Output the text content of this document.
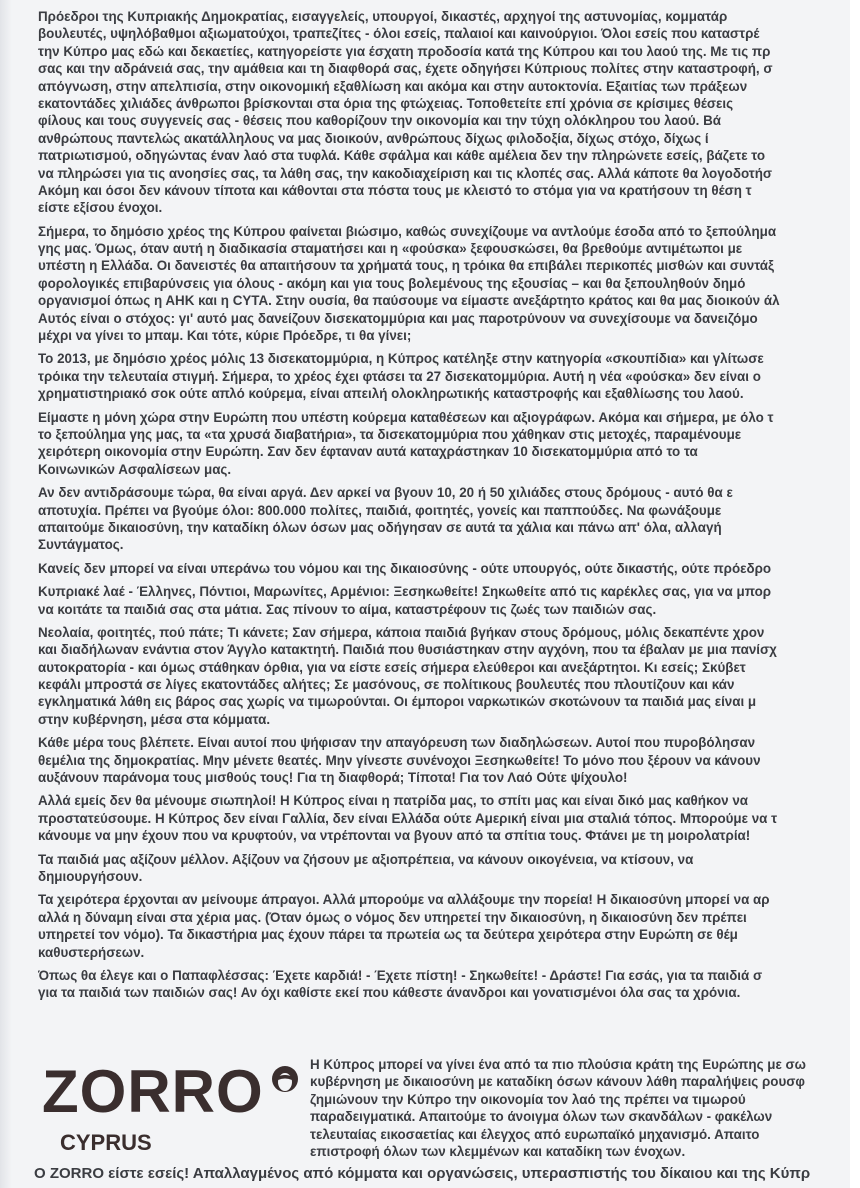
Πρόεδροι της Κυπριακής Δημοκρατίας, εισαγγελείς, υπουργοί, δικαστές, αρχηγοί της αστυνομίας, κομματάρ
βουλευτές, υψηλόβαθμοι αξιωματούχοι, τραπεζίτες - όλοι εσείς, παλαιοί και καινούργιοι. Όλοι εσείς που καταστρέ
την Κύπρο μας εδώ και δεκαετίες, κατηγορείστε για έσχατη προδοσία κατά της Κύπρου και του λαού της. Με τις πρ
σας και την αδράνειά σας, την αμάθεια και τη διαφθορά σας, έχετε οδηγήσει Κύπριους πολίτες στην καταστροφή, σ
απόγνωση, στην απελπισία, στην οικονομική εξαθλίωση και ακόμα και στην αυτοκτονία. Εξαιτίας των πράξεων
εκατοντάδες χιλιάδες άνθρωποι βρίσκονται στα όρια της φτώχειας. Τοποθετείτε επί χρόνια σε κρίσιμες θέσεις
φίλους και τους συγγενείς σας - θέσεις που καθορίζουν την οικονομία και την τύχη ολόκληρου του λαού. Βά
ανθρώπους παντελώς ακατάλληλους να μας διοικούν, ανθρώπους δίχως φιλοδοξία, δίχως στόχο, δίχως ί
πατριωτισμού, οδηγώντας έναν λαό στα τυφλά. Κάθε σφάλμα και κάθε αμέλεια δεν την πληρώνετε εσείς, βάζετε το
να πληρώσει για τις ανοησίες σας, τα λάθη σας, την κακοδιαχείριση και τις κλοπές σας. Αλλά κάποτε θα λογοδοτήσ
Ακόμη και όσοι δεν κάνουν τίποτα και κάθονται στα πόστα τους με κλειστό το στόμα για να κρατήσουν τη θέση τ
είστε εξίσου ένοχοι.
Σήμερα, το δημόσιο χρέος της Κύπρου φαίνεται βιώσιμο, καθώς συνεχίζουμε να αντλούμε έσοδα από το ξεπούλημα
γης μας. Όμως, όταν αυτή η διαδικασία σταματήσει και η «φούσκα» ξεφουσκώσει, θα βρεθούμε αντιμέτωποι με
υπέστη η Ελλάδα. Οι δανειστές θα απαιτήσουν τα χρήματά τους, η τρόικα θα επιβάλει περικοπές μισθών και συντάξ
φορολογικές επιβαρύνσεις για όλους - ακόμη και για τους βολεμένους της εξουσίας – και θα ξεπουληθούν δημό
οργανισμοί όπως η ΑΗΚ και η CYTA. Στην ουσία, θα παύσουμε να είμαστε ανεξάρτητο κράτος και θα μας διοικούν άλ
Αυτός είναι ο στόχος: γι' αυτό μας δανείζουν δισεκατομμύρια και μας παροτρύνουν να συνεχίσουμε να δανειζόμο
μέχρι να γίνει το μπαμ. Και τότε, κύριε Πρόεδρε, τι θα γίνει;
Το 2013, με δημόσιο χρέος μόλις 13 δισεκατομμύρια, η Κύπρος κατέληξε στην κατηγορία «σκουπίδια» και γλίτωσε
τρόικα την τελευταία στιγμή. Σήμερα, το χρέος έχει φτάσει τα 27 δισεκατομμύρια. Αυτή η νέα «φούσκα» δεν είναι ο
χρηματιστηριακό σοκ ούτε απλό κούρεμα, είναι απειλή ολοκληρωτικής καταστροφής και εξαθλίωσης του λαού.
Είμαστε η μόνη χώρα στην Ευρώπη που υπέστη κούρεμα καταθέσεων και αξιογράφων. Ακόμα και σήμερα, με όλο τ
το ξεπούλημα γης μας, τα «τα χρυσά διαβατήρια», τα δισεκατομμύρια που χάθηκαν στις μετοχές, παραμένουμε
χειρότερη οικονομία στην Ευρώπη. Σαν δεν έφταναν αυτά καταχράστηκαν 10 δισεκατομμύρια από το τα
Κοινωνικών Ασφαλίσεων μας.
Αν δεν αντιδράσουμε τώρα, θα είναι αργά. Δεν αρκεί να βγουν 10, 20 ή 50 χιλιάδες στους δρόμους - αυτό θα ε
αποτυχία. Πρέπει να βγούμε όλοι: 800.000 πολίτες, παιδιά, φοιτητές, γονείς και παππούδες. Να φωνάξουμε
απαιτούμε δικαιοσύνη, την καταδίκη όλων όσων μας οδήγησαν σε αυτά τα χάλια και πάνω απ' όλα, αλλαγή
Συντάγματος.
Κανείς δεν μπορεί να είναι υπεράνω του νόμου και της δικαιοσύνης - ούτε υπουργός, ούτε δικαστής, ούτε πρόεδρο
Κυπριακέ λαέ - Έλληνες, Πόντιοι, Μαρωνίτες, Αρμένιοι: Ξεσηκωθείτε! Σηκωθείτε από τις καρέκλες σας, για να μπορ
να κοιτάτε τα παιδιά σας στα μάτια. Σας πίνουν το αίμα, καταστρέφουν τις ζωές των παιδιών σας.
Νεολαία, φοιτητές, πού πάτε; Τι κάνετε; Σαν σήμερα, κάποια παιδιά βγήκαν στους δρόμους, μόλις δεκαπέντε χρον
και διαδήλωναν ενάντια στον Άγγλο κατακτητή. Παιδιά που θυσιάστηκαν στην αγχόνη, που τα έβαλαν με μια πανίσχ
αυτοκρατορία - και όμως στάθηκαν όρθια, για να είστε εσείς σήμερα ελεύθεροι και ανεξάρτητοι. Κι εσείς; Σκύβετ
κεφάλι μπροστά σε λίγες εκατοντάδες αλήτες; Σε μασόνους, σε πολίτικους βουλευτές που πλουτίζουν και κάν
εγκληματικά λάθη εις βάρος σας χωρίς να τιμωρούνται. Οι έμποροι ναρκωτικών σκοτώνουν τα παιδιά μας είναι μ
στην κυβέρνηση, μέσα στα κόμματα.
Κάθε μέρα τους βλέπετε. Είναι αυτοί που ψήφισαν την απαγόρευση των διαδηλώσεων. Αυτοί που πυροβόλησαν
θεμέλια της δημοκρατίας. Μην μένετε θεατές. Μην γίνεστε συνένοχοι Ξεσηκωθείτε! Το μόνο που ξέρουν να κάνουν
αυξάνουν παράνομα τους μισθούς τους! Για τη διαφθορά; Τίποτα! Για τον Λαό Ούτε ψίχουλο!
Αλλά εμείς δεν θα μένουμε σιωπηλοί! Η Κύπρος είναι η πατρίδα μας, το σπίτι μας και είναι δικό μας καθήκον να
προστατεύσουμε. Η Κύπρος δεν είναι Γαλλία, δεν είναι Ελλάδα ούτε Αμερική είναι μια σταλιά τόπος. Μπορούμε να τ
κάνουμε να μην έχουν που να κρυφτούν, να ντρέπονται να βγουν από τα σπίτια τους. Φτάνει με τη μοιρολατρία!
Τα παιδιά μας αξίζουν μέλλον. Αξίζουν να ζήσουν με αξιοπρέπεια, να κάνουν οικογένεια, να κτίσουν, να
δημιουργήσουν.
Τα χειρότερα έρχονται αν μείνουμε άπραγοι. Αλλά μπορούμε να αλλάξουμε την πορεία! Η δικαιοσύνη μπορεί να αρ
αλλά η δύναμη είναι στα χέρια μας. (Όταν όμως ο νόμος δεν υπηρετεί την δικαιοσύνη, η δικαιοσύνη δεν πρέπει
υπηρετεί τον νόμο). Τα δικαστήρια μας έχουν πάρει τα πρωτεία ως τα δεύτερα χειρότερα στην Ευρώπη σε θέμ
καθυστερήσεων.
Όπως θα έλεγε και ο Παπαφλέσσας: Έχετε καρδιά! - Έχετε πίστη! - Σηκωθείτε! - Δράστε! Για εσάς, για τα παιδιά σ
για τα παιδιά των παιδιών σας! Αν όχι καθίστε εκεί που κάθεστε άνανδροι και γονατισμένοι όλα σας τα χρόνια.
ZORRO
CYPRUS
Η Κύπρος μπορεί να γίνει ένα από τα πιο πλούσια κράτη της Ευρώπης με σω
κυβέρνηση με δικαιοσύνη με καταδίκη όσων κάνουν λάθη παραλήψεις ρουσφ
ζημιώνουν την Κύπρο την οικονομία τον λαό της πρέπει να τιμωρού
παραδειγματικά. Απαιτούμε το άνοιγμα όλων των σκανδάλων - φακέλων
τελευταίας εικοσαετίας και έλεγχος από ευρωπαϊκό μηχανισμό. Απαιτο
επιστροφή όλων των κλεμμένων και καταδίκη των ένοχων.
Ο ZORRO είστε εσείς! Απαλλαγμένος από κόμματα και οργανώσεις, υπερασπιστής του δίκαιου και της Κύπρ
